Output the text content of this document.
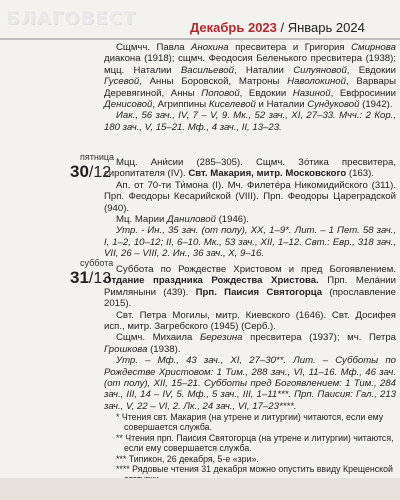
БЛАГОВЕСТ	Декабрь 2023 / Январь 2024

Сщмчч. Павла Анохинa пресвитера и Григория Смирнова диакона (1918); сщмч. Феодосия Беленького пресвитера (1938); мцц. Наталии Васильевой, Наталии Силуяновой, Евдокии Гусевой, Анны Боровской, Матроны Наволокиной, Варвары Деревягиной, Анны Поповой, Евдокии Назиной, Евфросинии Денисовой, Агриппины Киселевой и Наталии Сундуковой (1942).

Иак., 56 зач., IV, 7 – V, 9. Мк., 52 зач., XI, 27–33. Мчч.: 2 Кор., 180 зач., V, 15–21. Мф., 4 зач., II, 13–23.

пятница
30/12

Мцц. Ани́сии (285–305). Сщмч. Зо́тика пресвитера, сиропитателя (IV). Свт. Макария, митр. Московского (163).

Ап. от 70-ти Ти́мона (I). Мч. Филетéра Никомидийского (311). Прп. Феодоры Кесарийской (VIII). Прп. Феодоры Цареградской (940).

Мц. Марии Даниловой (1946).

Утр. - Ин., 35 зач. (от полу), XX, 1–9*. Лит. – 1 Пет. 58 зач., I, 1–2, 10–12; II, 6–10. Мк., 53 зач., XII, 1–12. Свт.: Евр., 318 зач., VII, 26 – VIII, 2. Ин., 36 зач., X, 9–16.

суббота
31/13

Суббота по Рождестве Христовом и пред Богоявлением. Отдание праздника Рождества Христова. Прп. Мелáнии Римляныни (439). Прп. Паисия Святогорца (прославление 2015).

Свт. Петра Могилы, митр. Киевского (1646). Свт. Досифея исп., митр. Загребского (1945) (Серб.).

Сщмч. Михаила Березина пресвитера (1937); мч. Петра Грошкова (1938).

Утр. – Мф., 43 зач., XI, 27–30**. Лит. – Субботы по Рождестве Христовом: 1 Тим., 288 зач., VI, 11–16. Мф., 46 зач. (от полу), XII, 15–21. Субботы пред Богоявлением: 1 Тим., 284 зач., III, 14 – IV, 5. Мф., 5 зач., III, 1–11***. Прп. Паисия: Гал., 213 зач., V, 22 – VI, 2. Лк., 24 зач., VI, 17–23****.

* Чтения свт. Макария (на утрене и литургии) читаются, если ему совершается служба.

** Чтения прп. Паисия Святогорца (на утрене и литургии) читаются, если ему совершается служба.

*** Типикон, 26 декабря, 5-е «зри».

**** Рядовые чтения 31 декабря можно опустить ввиду Крещенской
